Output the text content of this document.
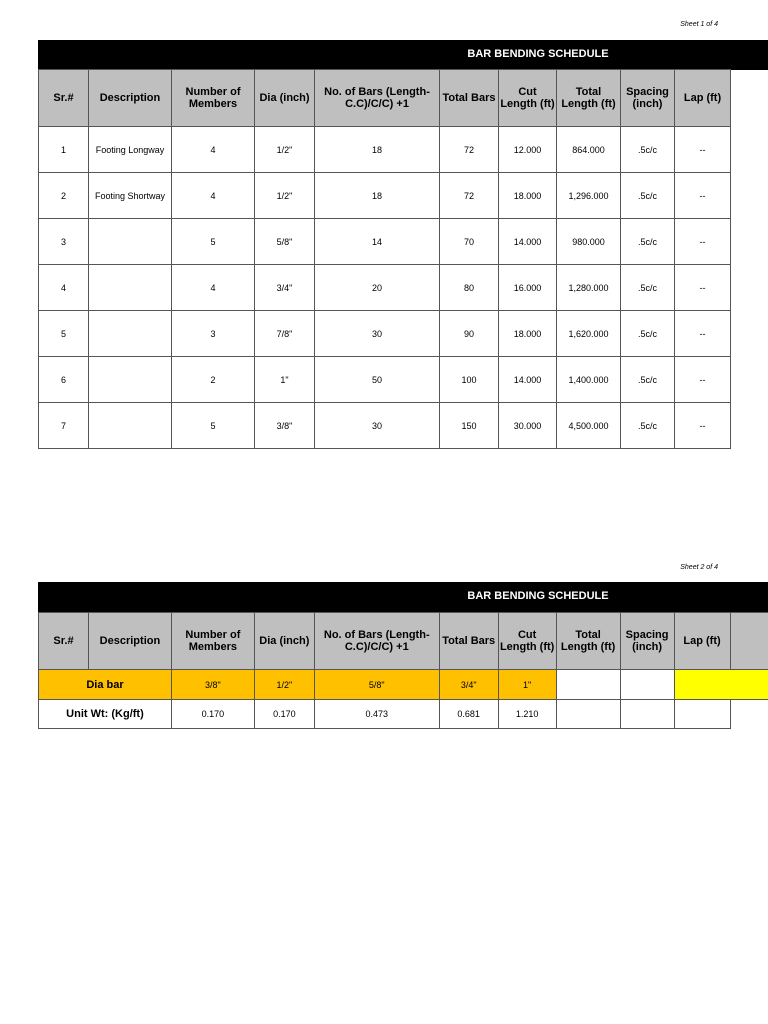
Sheet 1 of 4
BAR BENDING SCHEDULE
Sr.#	Description	Number of Members	Dia (inch)	No. of Bars (Length-C.C)/C/C) +1	Total Bars	Cut Length (ft)	Total Length (ft)	Spacing (inch)	Lap (ft)
1	Footing Longway	4	1/2"	18	72	12.000	864.000	.5c/c	--
2	Footing Shortway	4	1/2"	18	72	18.000	1,296.000	.5c/c	--
3		5	5/8"	14	70	14.000	980.000	.5c/c	--
4		4	3/4"	20	80	16.000	1,280.000	.5c/c	--
5		3	7/8"	30	90	18.000	1,620.000	.5c/c	--
6		2	1"	50	100	14.000	1,400.000	.5c/c	--
7		5	3/8"	30	150	30.000	4,500.000	.5c/c	--
Sheet 2 of 4
BAR BENDING SCHEDULE
Sr.#	Description	Number of Members	Dia (inch)	No. of Bars (Length-C.C)/C/C) +1	Total Bars	Cut Length (ft)	Total Length (ft)	Spacing (inch)	Lap (ft)	
Dia bar		3/8"	1/2"	5/8"	3/4"	1"				
Unit Wt: (Kg/ft)		0.170	0.170	0.473	0.681	1.210				
